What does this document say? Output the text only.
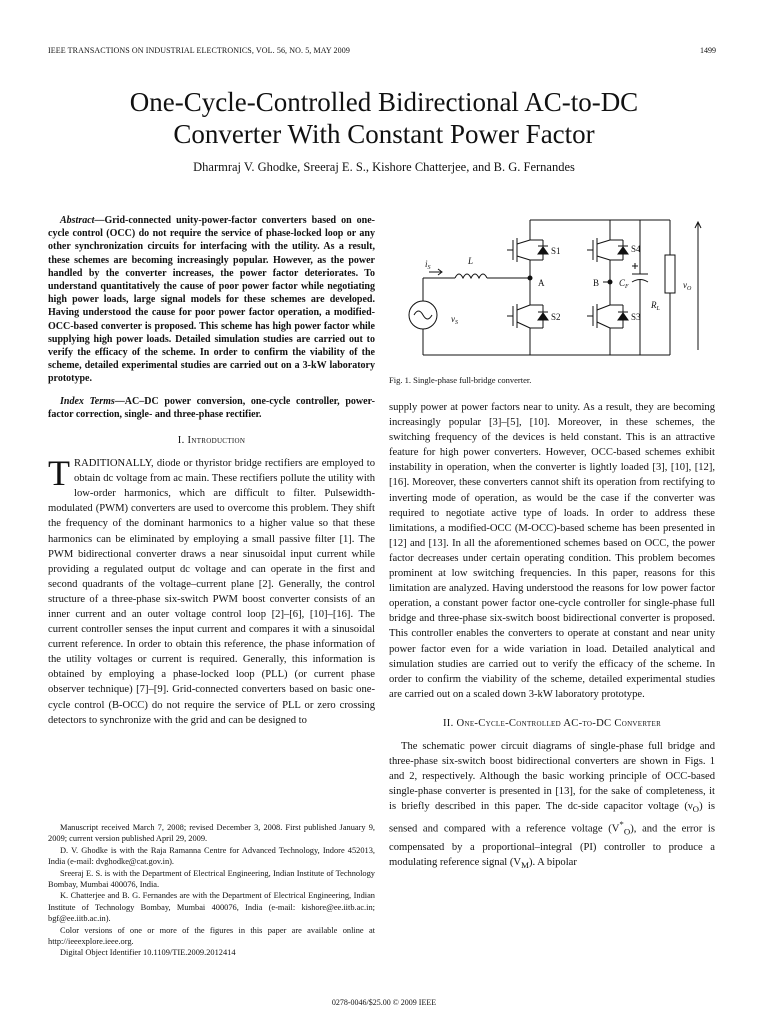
IEEE TRANSACTIONS ON INDUSTRIAL ELECTRONICS, VOL. 56, NO. 5, MAY 2009	1499
One-Cycle-Controlled Bidirectional AC-to-DC
Converter With Constant Power Factor
Dharmraj V. Ghodke, Sreeraj E. S., Kishore Chatterjee, and B. G. Fernandes

Abstract—Grid-connected unity-power-factor converters based on one-cycle control (OCC) do not require the service of phase-locked loop or any other synchronization circuits for interfacing with the utility. As a result, these schemes are becoming increasingly popular. However, as the power handled by the converter increases, the power factor deteriorates. To understand quantitatively the cause of poor power factor while negotiating high power loads, large signal models for these schemes are developed. Having understood the cause for poor power factor operation, a modified-OCC-based converter is proposed. This scheme has high power factor while supplying high power loads. Detailed simulation studies are carried out to verify the efficacy of the scheme. In order to confirm the viability of the scheme, detailed experimental studies are carried out on a 3-kW laboratory prototype.

Index Terms—AC–DC power conversion, one-cycle controller, power-factor correction, single- and three-phase rectifier.

I. Introduction

TRADITIONALLY, diode or thyristor bridge rectifiers are employed to obtain dc voltage from ac main. These rectifiers pollute the utility with low-order harmonics, which are difficult to filter. Pulsewidth-modulated (PWM) converters are used to overcome this problem. They shift the frequency of the dominant harmonics to a higher value so that these harmonics can be eliminated by employing a small passive filter [1]. The PWM bidirectional converter draws a near sinusoidal input current while providing a regulated output dc voltage and can operate in the first and second quadrants of the voltage–current plane [2]. Generally, the control structure of a three-phase six-switch PWM boost converter consists of an inner current and an outer voltage control loop [2]–[6], [10]–[16]. The current controller senses the input current and compares it with a sinusoidal current reference. In order to obtain this reference, the phase information of the utility voltages or current is required. Generally, this information is obtained by employing a phase-locked loop (PLL) (or current phase observer technique) [7]–[9]. Grid-connected converters based on basic one-cycle control (B-OCC) do not require the service of PLL or zero crossing detectors to synchronize with the grid and can be designed to

Manuscript received March 7, 2008; revised December 3, 2008. First published January 9, 2009; current version published April 29, 2009.

D. V. Ghodke is with the Raja Ramanna Centre for Advanced Technology, Indore 452013, India (e-mail: dvghodke@cat.gov.in).

Sreeraj E. S. is with the Department of Electrical Engineering, Indian Institute of Technology Bombay, Mumbai 400076, India.

K. Chatterjee and B. G. Fernandes are with the Department of Electrical Engineering, Indian Institute of Technology Bombay, Mumbai 400076, India (e-mail: kishore@ee.iitb.ac.in; bgf@ee.iitb.ac.in).

Color versions of one or more of the figures in this paper are available online at http://ieeexplore.ieee.org.

Digital Object Identifier 10.1109/TIE.2009.2012414

S1
S2	S3
S4
A	B
L
$i_S$
$v_S$
$C_F$
$R_L$
$v_O$
Fig. 1. Single-phase full-bridge converter.

supply power at power factors near to unity. As a result, they are becoming increasingly popular [3]–[5], [10]. Moreover, in these schemes, the switching frequency of the devices is held constant. This is an attractive feature for high power converters. However, OCC-based schemes exhibit instability in operation, when the converter is lightly loaded [3], [10], [12], [16]. Moreover, these converters cannot shift its operation from rectifying to inverting mode of operation, as would be the case if the converter was required to negotiate active type of loads. In order to address these limitations, a modified-OCC (M-OCC)-based scheme has been presented in [12] and [13]. In all the aforementioned schemes based on OCC, the power factor decreases under certain operating condition. This problem becomes prominent at low switching frequencies. In this paper, reasons for this limitation are analyzed. Having understood the reasons for low power factor operation, a constant power factor one-cycle controller for single-phase full bridge and three-phase six-switch boost bidirectional converter is proposed. This controller enables the converters to operate at constant and near unity power factor even for a wide variation in load. Detailed analytical and simulation studies are carried out to verify the efficacy of the scheme. In order to confirm the viability of the scheme, detailed experimental studies are carried out on a scaled down 3-kW laboratory prototype.

II. One-Cycle-Controlled AC-to-DC Converter

The schematic power circuit diagrams of single-phase full bridge and three-phase six-switch boost bidirectional converters are shown in Figs. 1 and 2, respectively. Although the basic working principle of OCC-based single-phase converter is presented in [13], for the sake of completeness, it is briefly described in this paper. The dc-side capacitor voltage $(\nu_O)$ is sensed and compared with a reference voltage $(V^*_O)$, and the error is compensated by a proportional–integral (PI) controller to produce a modulating reference signal $(V_M)$. A bipolar

0278-0046/$25.00 © 2009 IEEE
